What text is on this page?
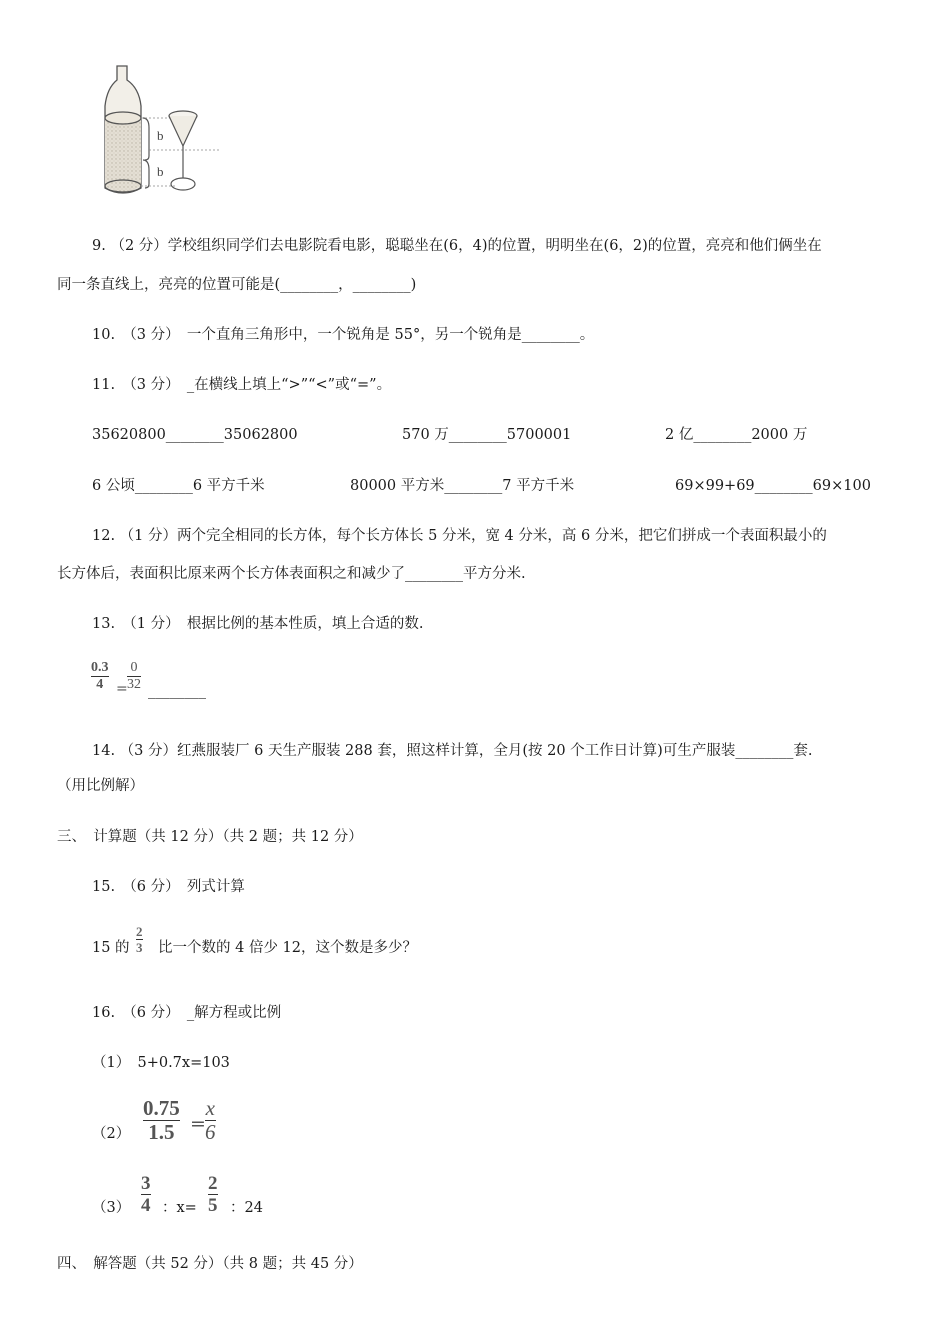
b
b
9. （2 分）学校组织同学们去电影院看电影，聪聪坐在(6，4)的位置，明明坐在(6，2)的位置，亮亮和他们俩坐在
同一条直线上，亮亮的位置可能是(________，________)
10.　（3 分）　一个直角三角形中，一个锐角是 55°，另一个锐角是________。
11.　（3 分）　_在横线上填上“>”“<”或“=”。
35620800________35062800	570 万________5700001	2 亿________2000 万
6 公顷________6 平方千米	80000 平方米________7 平方千米	69×99+69________69×100
12. （1 分）两个完全相同的长方体，每个长方体长 5 分米，宽 4 分米，高 6 分米，把它们拼成一个表面积最小的
长方体后，表面积比原来两个长方体表面积之和减少了________平方分米.
13.　（1 分）　根据比例的基本性质，填上合适的数.
0.3
4 =
0
32 ________
14. （3 分）红燕服装厂 6 天生产服装 288 套，照这样计算，全月(按 20 个工作日计算)可生产服装________套.
（用比例解）
三、　计算题（共 12 分）（共 2 题；共 12 分）
15.　（6 分）　列式计算
15 的
2
3 比一个数的 4 倍少 12，这个数是多少？
16.　（6 分）　_解方程或比例
（1）　5+0.7x=103
（2）
0.75
1.5 =
x
6
（3）
3
4 ：x=
2
5 ：24
四、　解答题（共 52 分）（共 8 题；共 45 分）
